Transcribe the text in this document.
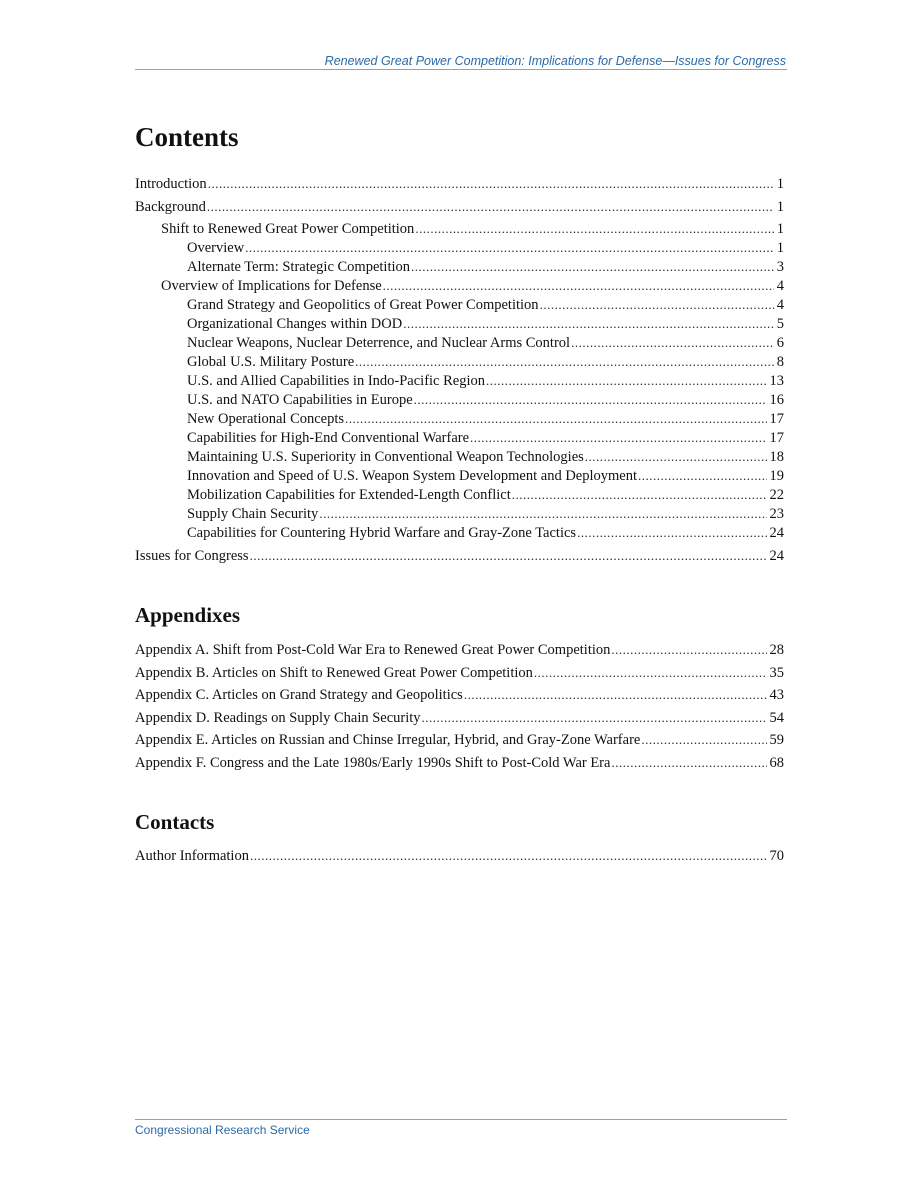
Renewed Great Power Competition: Implications for Defense—Issues for Congress
Contents
Introduction .....	1
Background .....	1
Shift to Renewed Great Power Competition .....	1
Overview .....	1
Alternate Term: Strategic Competition .....	3
Overview of Implications for Defense .....	4
Grand Strategy and Geopolitics of Great Power Competition .....	4
Organizational Changes within DOD .....	5
Nuclear Weapons, Nuclear Deterrence, and Nuclear Arms Control .....	6
Global U.S. Military Posture .....	8
U.S. and Allied Capabilities in Indo-Pacific Region .....	13
U.S. and NATO Capabilities in Europe .....	16
New Operational Concepts .....	17
Capabilities for High-End Conventional Warfare .....	17
Maintaining U.S. Superiority in Conventional Weapon Technologies .....	18
Innovation and Speed of U.S. Weapon System Development and Deployment .....	19
Mobilization Capabilities for Extended-Length Conflict .....	22
Supply Chain Security .....	23
Capabilities for Countering Hybrid Warfare and Gray-Zone Tactics .....	24
Issues for Congress .....	24
Appendixes
Appendix A. Shift from Post-Cold War Era to Renewed Great Power Competition .....	28
Appendix B. Articles on Shift to Renewed Great Power Competition .....	35
Appendix C. Articles on Grand Strategy and Geopolitics .....	43
Appendix D. Readings on Supply Chain Security .....	54
Appendix E. Articles on Russian and Chinse Irregular, Hybrid, and Gray-Zone Warfare .....	59
Appendix F. Congress and the Late 1980s/Early 1990s Shift to Post-Cold War Era .....	68
Contacts
Author Information .....	70
Congressional Research Service
